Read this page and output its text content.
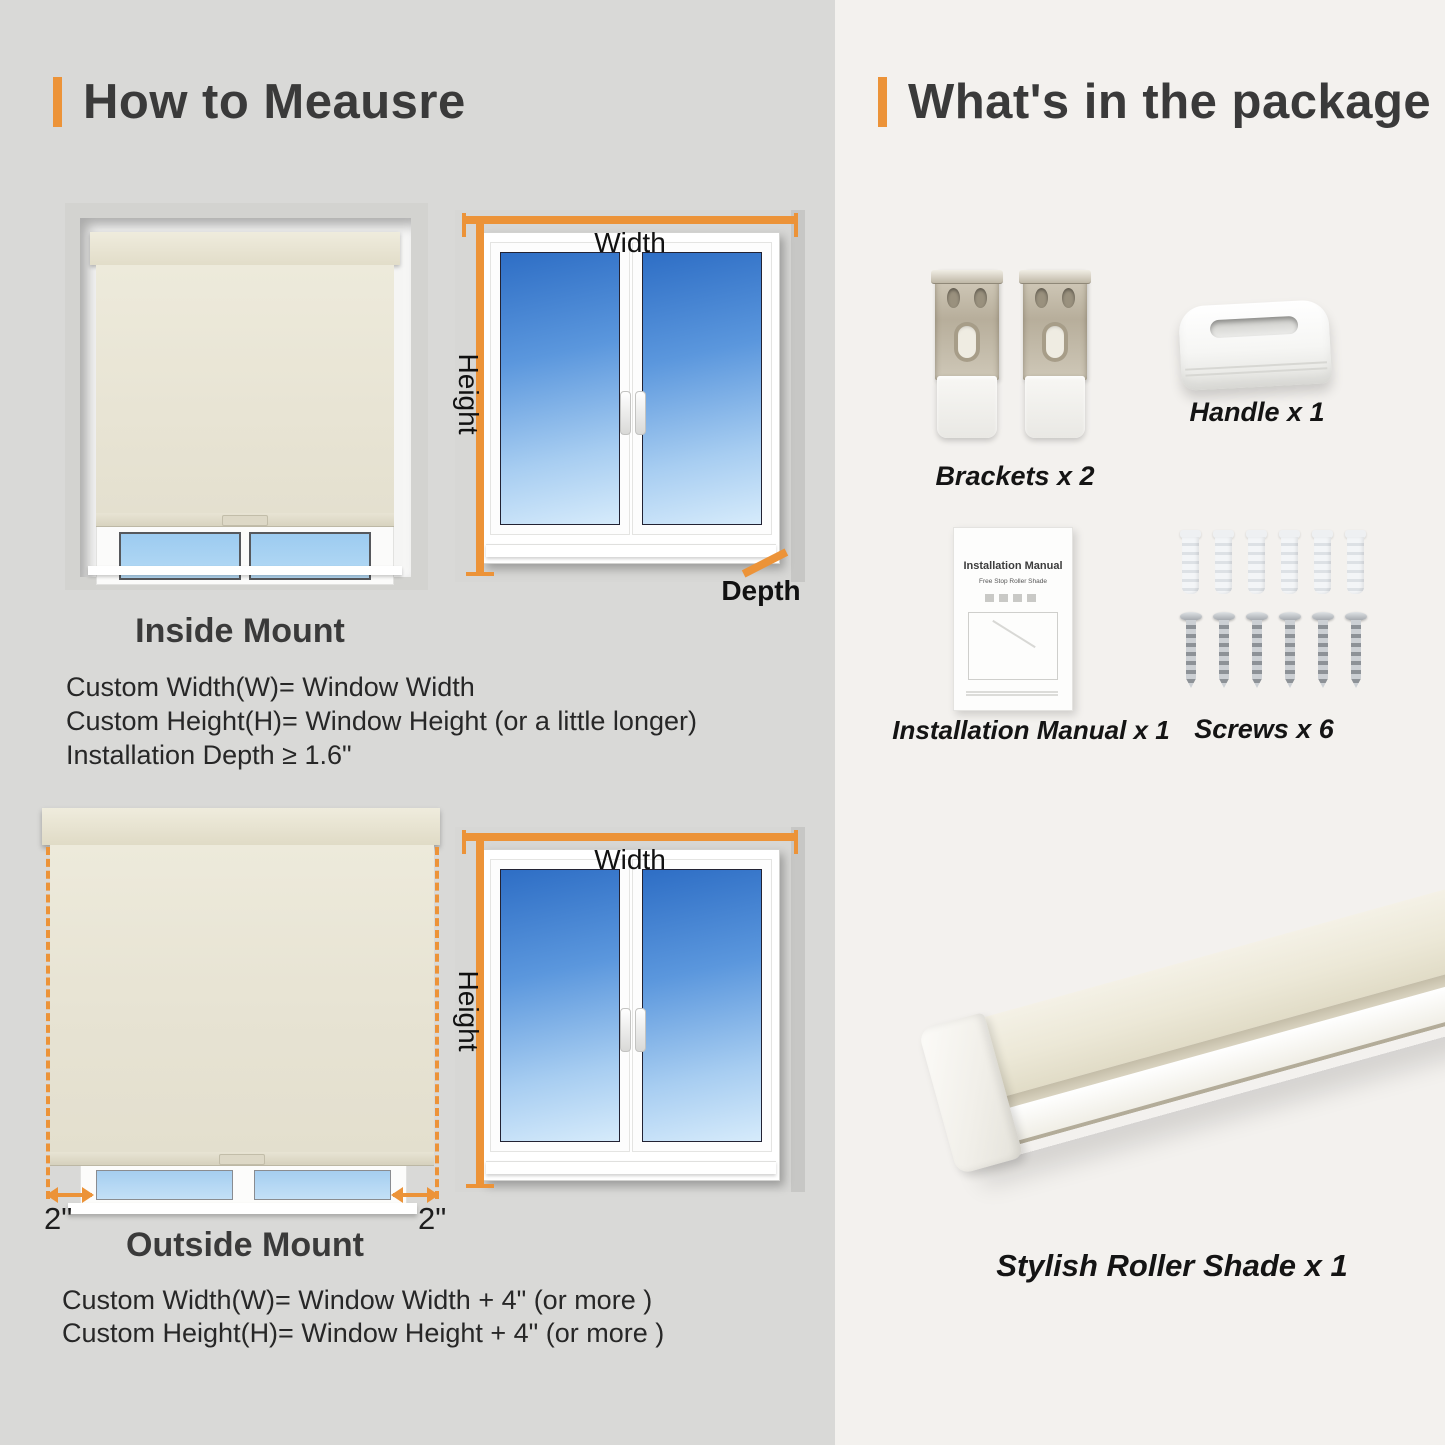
How to Meausre
Width
Height
Depth
Inside Mount

Custom Width(W)= Window Width

Custom Height(H)= Window Height (or a little longer)

Installation Depth ≥ 1.6"

2"	2"
Width
Height
Outside Mount

Custom Width(W)= Window Width + 4" (or more )

Custom Height(H)= Window Height + 4" (or more )

What's in the package
Brackets x 2
Handle x 1
Installation Manual
Free Stop Roller Shade
Installation Manual x 1 Screws x 6
Stylish Roller Shade x 1
